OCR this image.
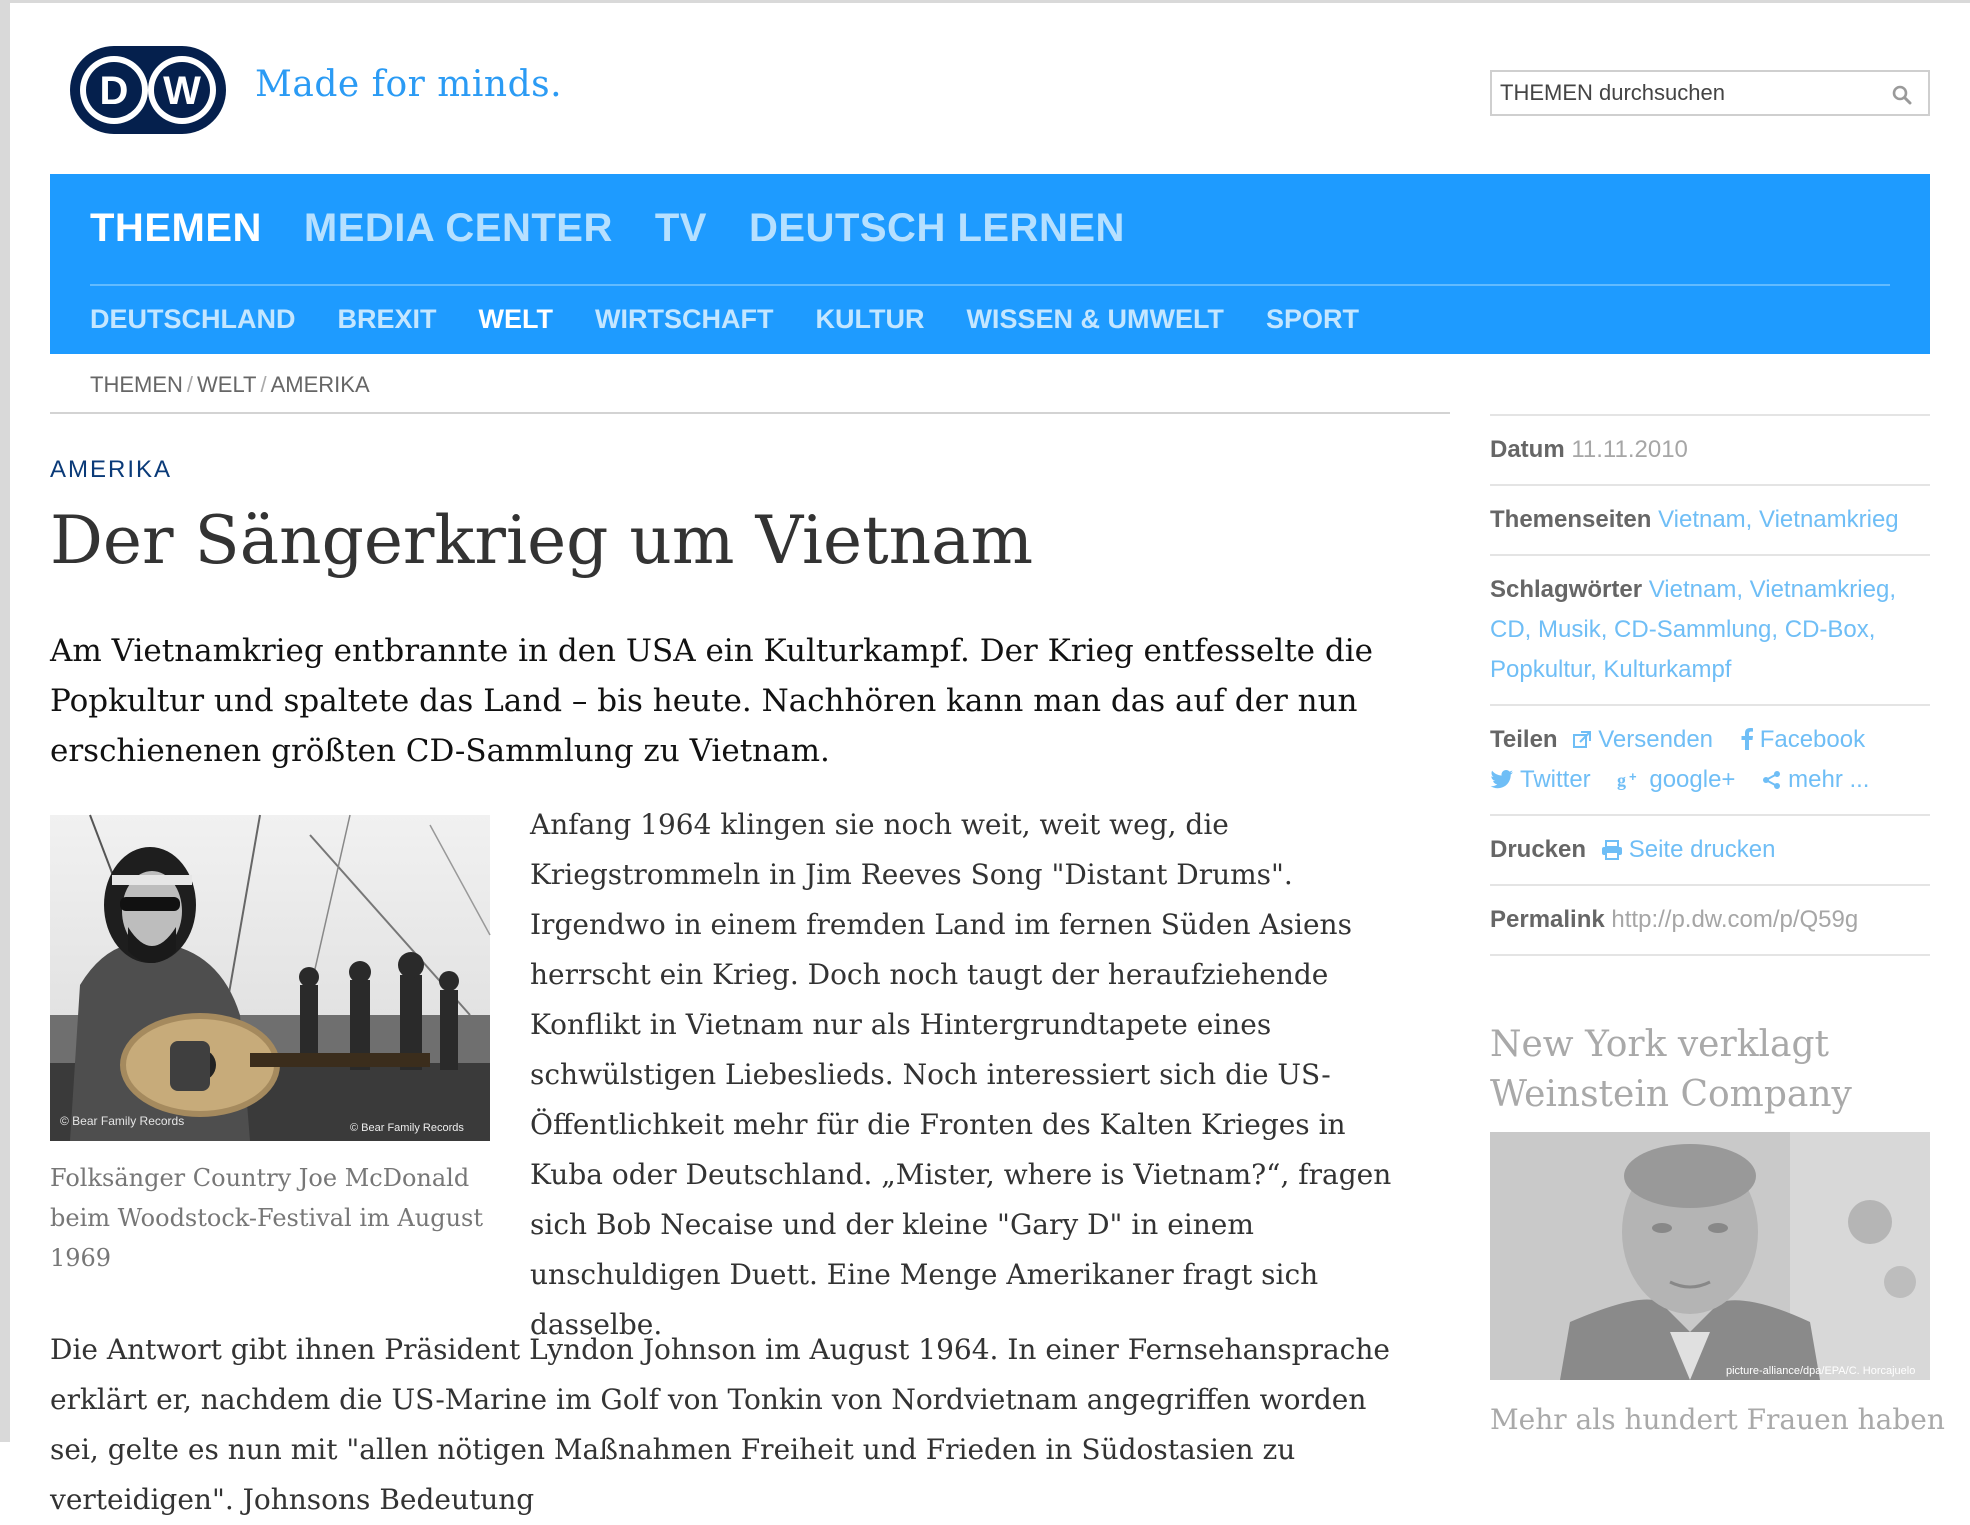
D W Made for minds.
THEMEN durchsuchen
THEMEN MEDIA CENTER TV DEUTSCH LERNEN
DEUTSCHLAND BREXIT WELT WIRTSCHAFT KULTUR WISSEN & UMWELT SPORT
THEMEN / WELT / AMERIKA
AMERIKA
Der Sängerkrieg um Vietnam

Am Vietnamkrieg entbrannte in den USA ein Kulturkampf. Der Krieg entfesselte die Popkultur und spaltete das Land – bis heute. Nachhören kann man das auf der nun erschienenen größten CD-Sammlung zu Vietnam.

© Bear Family Records	© Bear Family Records

Folksänger Country Joe McDonald beim Woodstock-Festival im August 1969

Anfang 1964 klingen sie noch weit, weit weg, die Kriegstrommeln in Jim Reeves Song "Distant Drums". Irgendwo in einem fremden Land im fernen Süden Asiens herrscht ein Krieg. Doch noch taugt der heraufziehende Konflikt in Vietnam nur als Hintergrundtapete eines schwülstigen Liebeslieds. Noch interessiert sich die US-Öffentlichkeit mehr für die Fronten des Kalten Krieges in Kuba oder Deutschland. „Mister, where is Vietnam?“, fragen sich Bob Necaise und der kleine "Gary D" in einem unschuldigen Duett. Eine Menge Amerikaner fragt sich dasselbe.

Die Antwort gibt ihnen Präsident Lyndon Johnson im August 1964. In einer Fernsehansprache erklärt er, nachdem die US-Marine im Golf von Tonkin von Nordvietnam angegriffen worden sei, gelte es nun mit "allen nötigen Maßnahmen Freiheit und Frieden in Südostasien zu verteidigen". Johnsons Bedeutung

Datum 11.11.2010
Themenseiten Vietnam, Vietnamkrieg
Schlagwörter Vietnam, Vietnamkrieg, CD, Musik, CD-Sammlung, CD-Box, Popkultur, Kulturkampf
Teilen Versenden Facebook Twitter g + google+ mehr ...
Drucken Seite drucken
Permalink http://p.dw.com/p/Q59g
New York verklagt Weinstein Company
picture-alliance/dpa/EPA/C. Horcajuelo
Mehr als hundert Frauen haben
